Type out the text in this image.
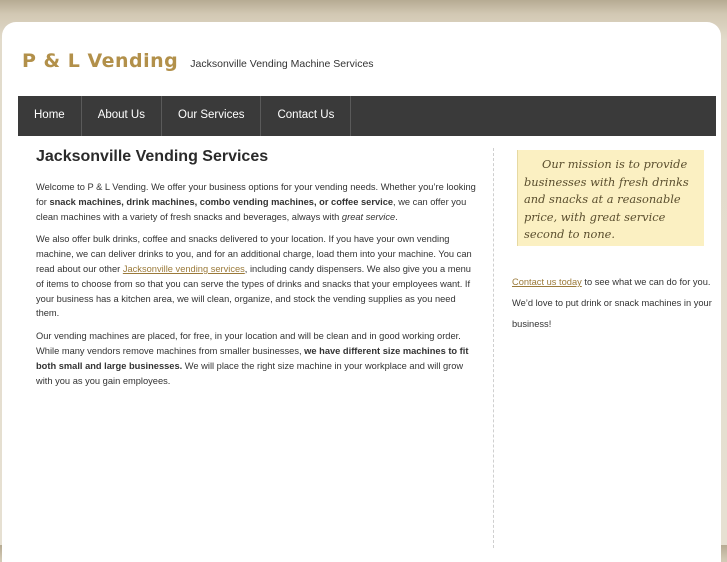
P & L Vending Jacksonville Vending Machine Services
Home	About Us	Our Services	Contact Us
Jacksonville Vending Services

Welcome to P & L Vending. We offer your business options for your vending needs. Whether you’re looking for snack machines, drink machines, combo vending machines, or coffee service, we can offer you clean machines with a variety of fresh snacks and beverages, always with great service.

We also offer bulk drinks, coffee and snacks delivered to your location. If you have your own vending machine, we can deliver drinks to you, and for an additional charge, load them into your machine. You can read about our other Jacksonville vending services, including candy dispensers. We also give you a menu of items to choose from so that you can serve the types of drinks and snacks that your employees want. If your business has a kitchen area, we will clean, organize, and stock the vending supplies as you need them.

Our vending machines are placed, for free, in your location and will be clean and in good working order. While many vendors remove machines from smaller businesses, we have different size machines to fit both small and large businesses. We will place the right size machine in your workplace and will grow with you as you gain employees.

Our mission is to provide businesses with fresh drinks and snacks at a reasonable price, with great service second to none.
Contact us today to see what we can do for you. We’d love to put drink or snack machines in your business!
